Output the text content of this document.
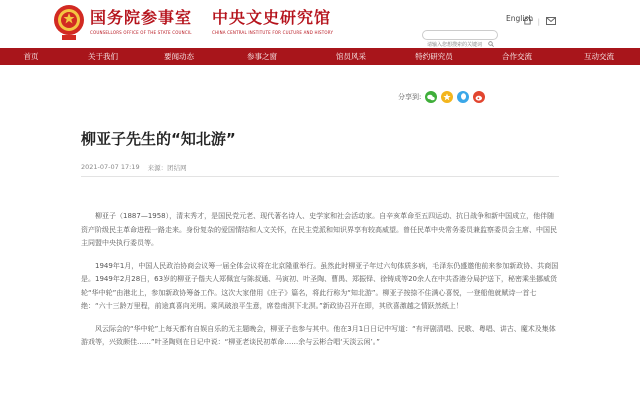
国务院参事室
COUNSELLORS OFFICE OF THE STATE COUNCIL
中央文史研究馆
CHINA CENTRAL INSTITUTE FOR CULTURE AND HISTORY
|
English
请输入您想搜索的关键词
首页	关于我们	要闻动态	参事之窗	馆员风采	特约研究员	合作交流	互动交流
分享到:
柳亚子先生的“知北游”
2021-07-07 17:19 来源：团结网

柳亚子（1887—1958），清末秀才，是国民党元老、现代著名诗人、史学家和社会活动家。自辛亥革命至五四运动、抗日战争和新中国成立，他伴随资产阶级民主革命进程一路走来。身份复杂的爱国情结和人文关怀，在民主党派和知识界享有较高威望。曾任民革中央常务委员兼监察委员会主席、中国民主同盟中央执行委员等。

1949年1月，中国人民政治协商会议筹一届全体会议将在北京隆重举行。虽然此时柳亚子年过六旬体质多病，毛泽东仍盛邀他前来参加新政协、共商国是。1949年2月28日，63岁的柳亚子偕夫人郑佩宜与陈叔通、马寅初、叶圣陶、曹禺、郑振铎、徐铸成等20余人在中共香港分局护送下，秘密乘坐挪威货轮“华中轮”由港北上，参加新政协筹备工作。这次大家借用《庄子》篇名，将此行称为“知北游”。柳亚子按捺不住满心喜悦，一登船他就赋诗一首七绝：“六十三龄万里程，前途真喜向光明。乘风破浪平生意，席卷南溟下北溟。”新政协召开在即，其欣喜激越之情跃然纸上！

风云际会的“华中轮”上每天都有自娱自乐的无主题晚会，柳亚子也参与其中。他在3月1日日记中写道：“有评剧清唱、民歌、粤唱、讲古、魔术及集体游戏等，兴致颇佳……”叶圣陶则在日记中说：“柳亚老谈民初革命……余与云彬合唱‘天淡云闲’。”
